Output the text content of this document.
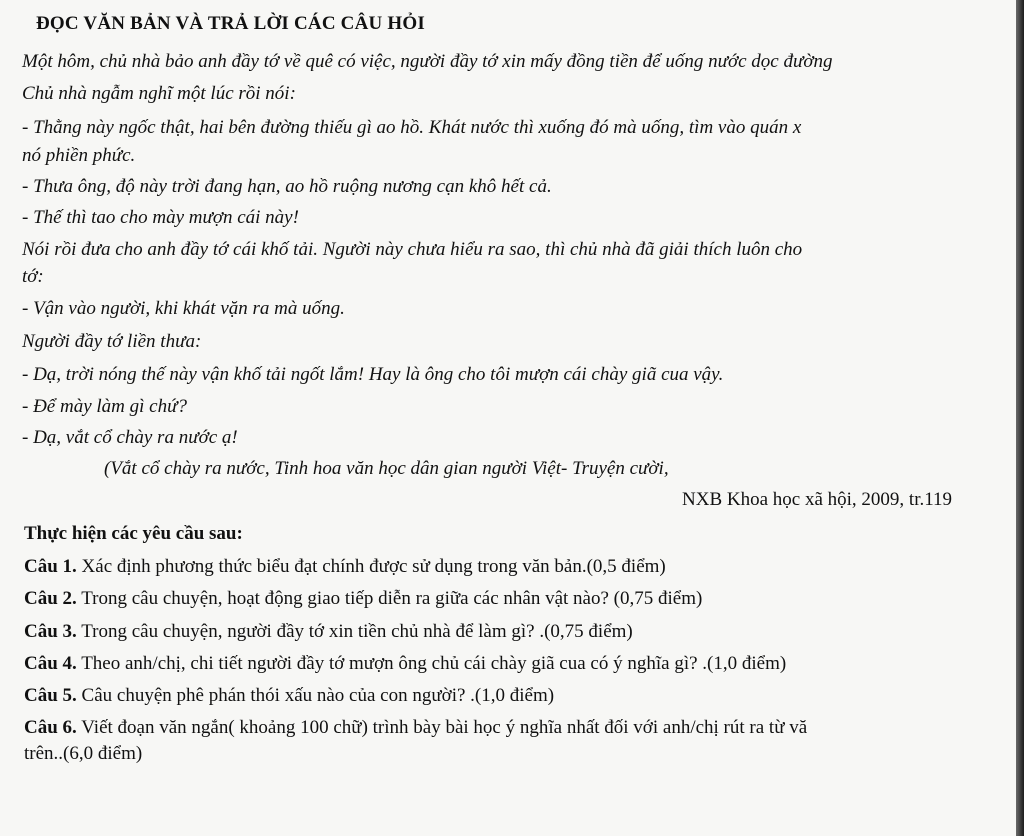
ĐỌC VĂN BẢN VÀ TRẢ LỜI CÁC CÂU HỎI
Một hôm, chủ nhà bảo anh đầy tớ về quê có việc, người đầy tớ xin mấy đồng tiền để uống nước dọc đường
Chủ nhà ngẫm nghĩ một lúc rồi nói:
- Thằng này ngốc thật, hai bên đường thiếu gì ao hồ. Khát nước thì xuống đó mà uống, tìm vào quán x
nó phiền phức.
- Thưa ông, độ này trời đang hạn, ao hồ ruộng nương cạn khô hết cả.
- Thế thì tao cho mày mượn cái này!
Nói rồi đưa cho anh đầy tớ cái khố tải. Người này chưa hiểu ra sao, thì chủ nhà đã giải thích luôn cho
tớ:
- Vận vào người, khi khát vặn ra mà uống.
Người đầy tớ liền thưa:
- Dạ, trời nóng thế này vận khố tải ngốt lắm! Hay là ông cho tôi mượn cái chày giã cua vậy.
- Để mày làm gì chứ?
- Dạ, vắt cổ chày ra nước ạ!
(Vắt cổ chày ra nước, Tinh hoa văn học dân gian người Việt- Truyện cười,
NXB Khoa học xã hội, 2009, tr.119
Thực hiện các yêu cầu sau:
Câu 1. Xác định phương thức biểu đạt chính được sử dụng trong văn bản.(0,5 điểm)
Câu 2. Trong câu chuyện, hoạt động giao tiếp diễn ra giữa các nhân vật nào? (0,75 điểm)
Câu 3. Trong câu chuyện, người đầy tớ xin tiền chủ nhà để làm gì? .(0,75 điểm)
Câu 4. Theo anh/chị, chi tiết người đầy tớ mượn ông chủ cái chày giã cua có ý nghĩa gì? .(1,0 điểm)
Câu 5. Câu chuyện phê phán thói xấu nào của con người? .(1,0 điểm)
Câu 6. Viết đoạn văn ngắn( khoảng 100 chữ) trình bày bài học ý nghĩa nhất đối với anh/chị rút ra từ vă
trên..(6,0 điểm)
